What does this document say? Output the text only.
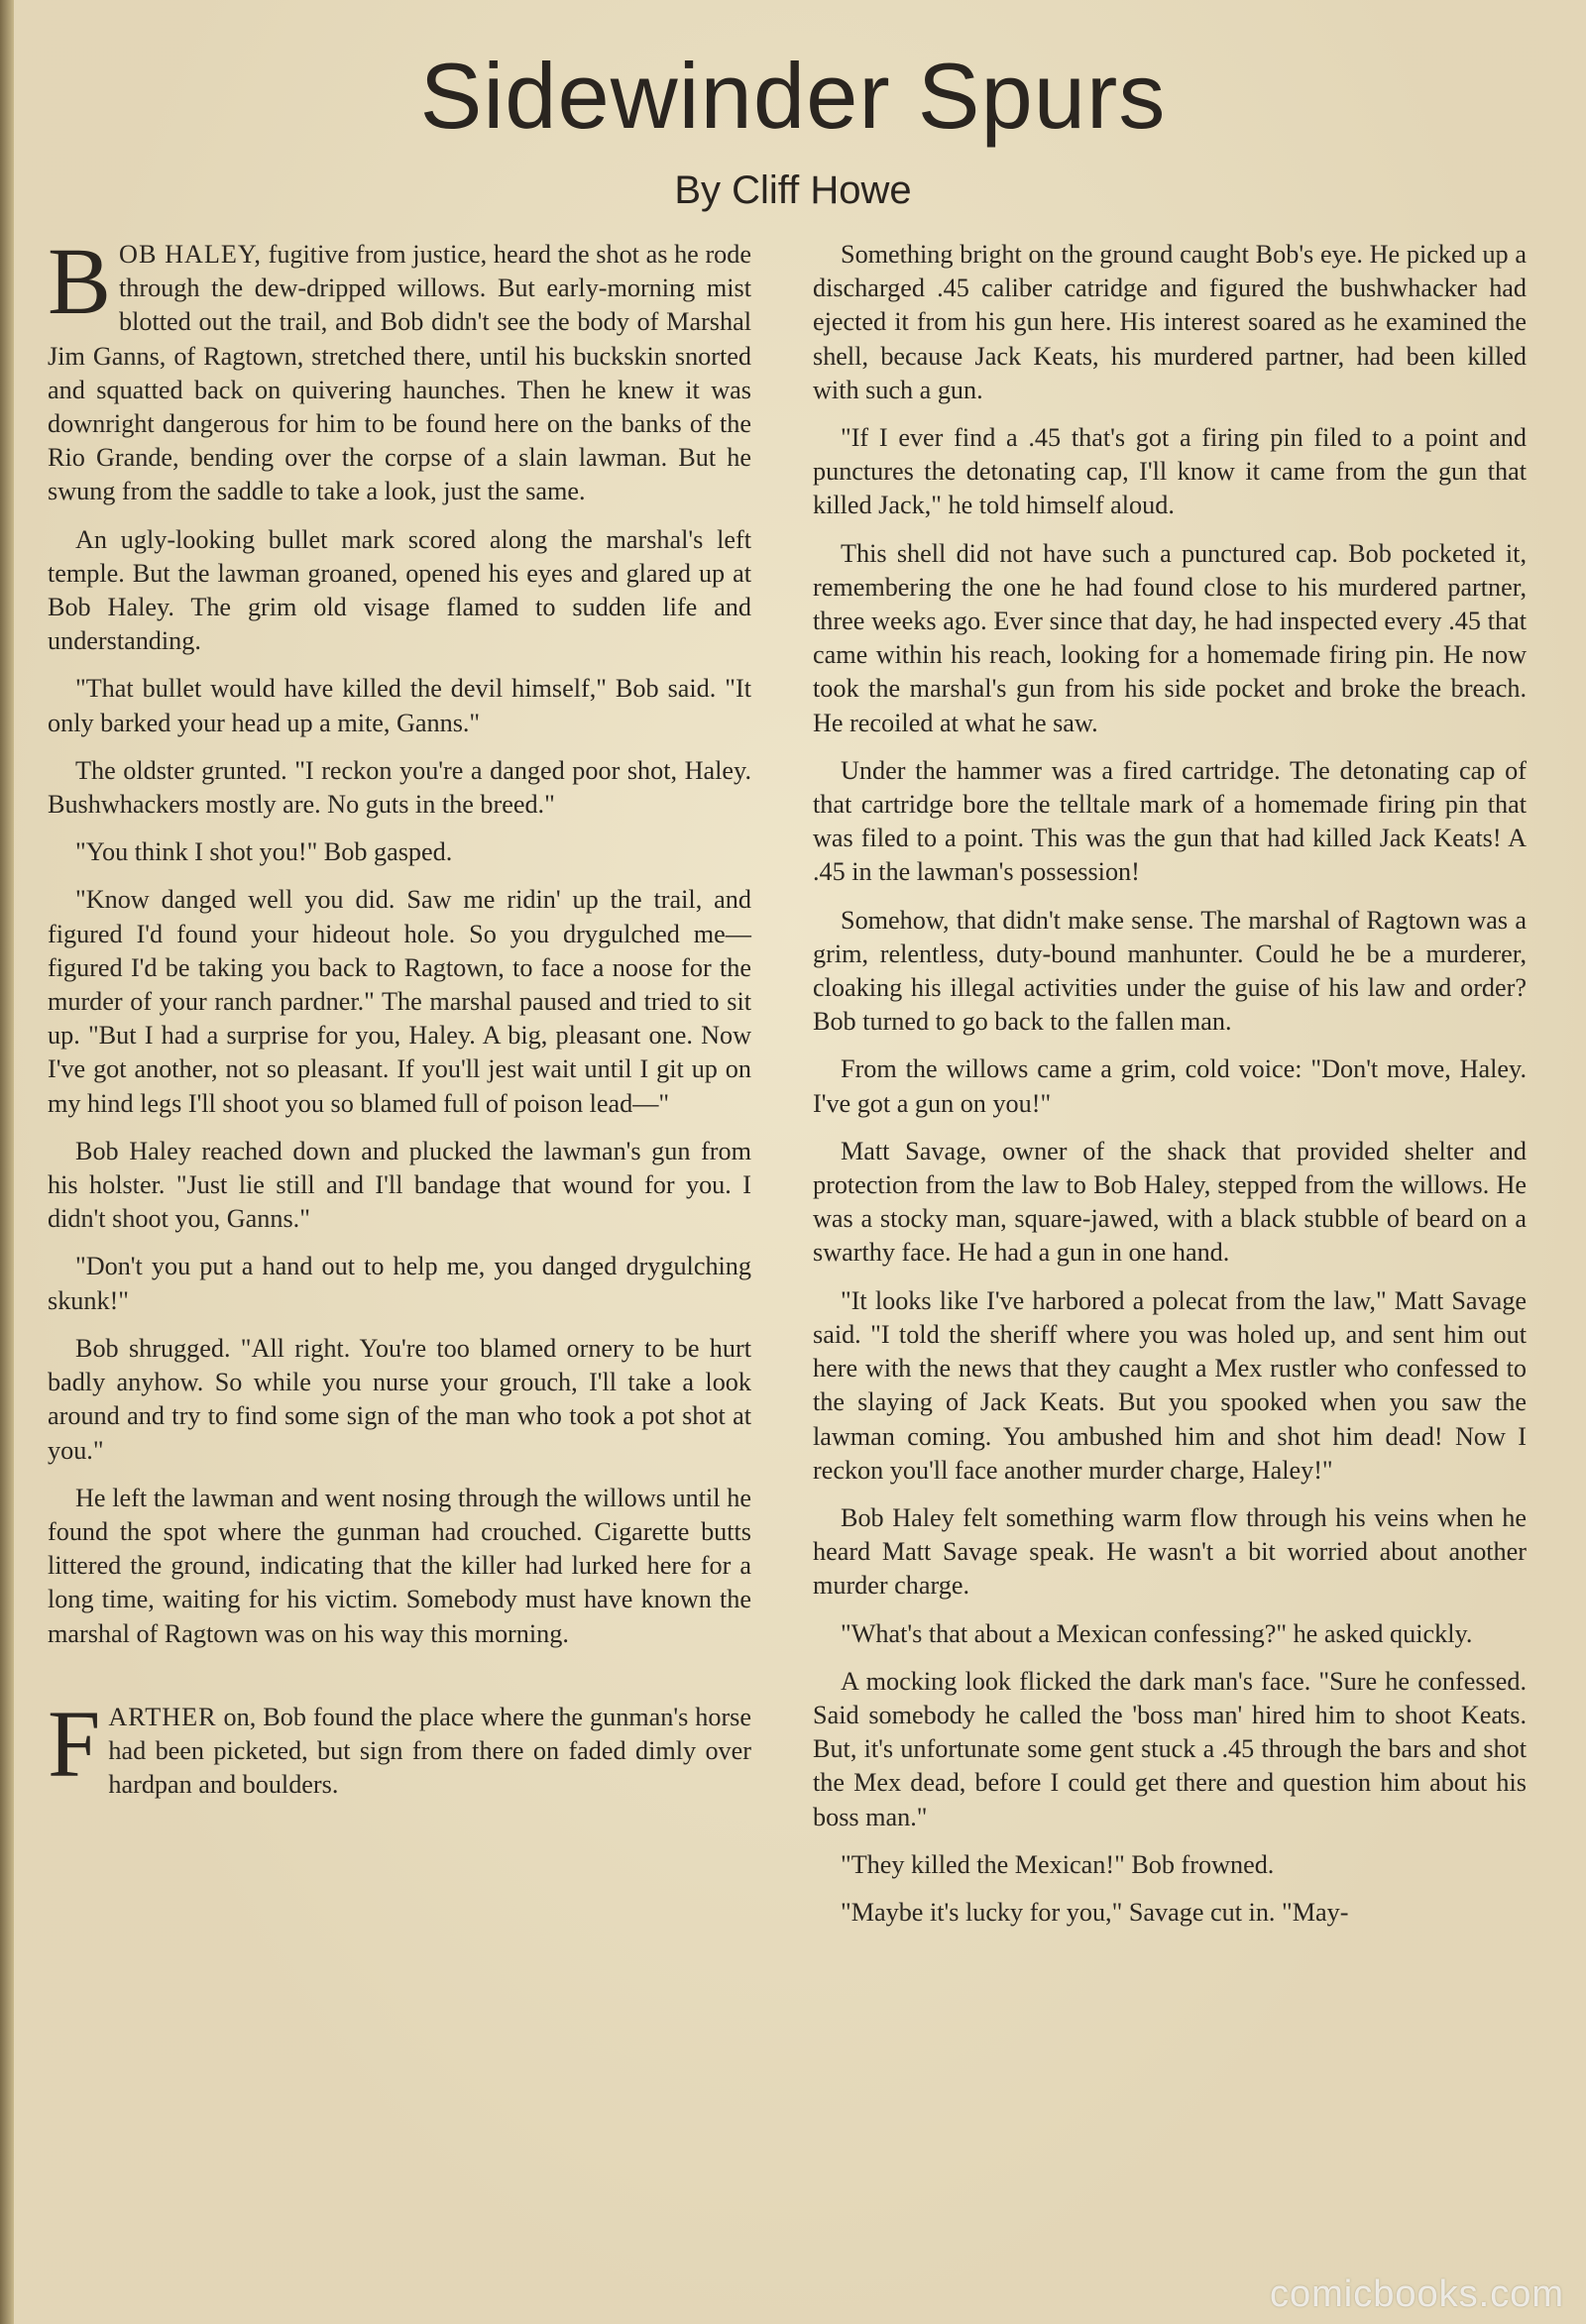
Sidewinder Spurs
By Cliff Howe

BOB HALEY, fugitive from justice, heard the shot as he rode through the dew-dripped willows. But early-morning mist blotted out the trail, and Bob didn't see the body of Marshal Jim Ganns, of Ragtown, stretched there, until his buckskin snorted and squatted back on quivering haunches. Then he knew it was downright dangerous for him to be found here on the banks of the Rio Grande, bending over the corpse of a slain lawman. But he swung from the saddle to take a look, just the same.

An ugly-looking bullet mark scored along the marshal's left temple. But the lawman groaned, opened his eyes and glared up at Bob Haley. The grim old visage flamed to sudden life and understanding.

"That bullet would have killed the devil himself," Bob said. "It only barked your head up a mite, Ganns."

The oldster grunted. "I reckon you're a danged poor shot, Haley. Bushwhackers mostly are. No guts in the breed."

"You think I shot you!" Bob gasped.

"Know danged well you did. Saw me ridin' up the trail, and figured I'd found your hideout hole. So you drygulched me—figured I'd be taking you back to Ragtown, to face a noose for the murder of your ranch pardner." The marshal paused and tried to sit up. "But I had a surprise for you, Haley. A big, pleasant one. Now I've got another, not so pleasant. If you'll jest wait until I git up on my hind legs I'll shoot you so blamed full of poison lead—"

Bob Haley reached down and plucked the lawman's gun from his holster. "Just lie still and I'll bandage that wound for you. I didn't shoot you, Ganns."

"Don't you put a hand out to help me, you danged drygulching skunk!"

Bob shrugged. "All right. You're too blamed ornery to be hurt badly anyhow. So while you nurse your grouch, I'll take a look around and try to find some sign of the man who took a pot shot at you."

He left the lawman and went nosing through the willows until he found the spot where the gunman had crouched. Cigarette butts littered the ground, indicating that the killer had lurked here for a long time, waiting for his victim. Somebody must have known the marshal of Ragtown was on his way this morning.

FARTHER on, Bob found the place where the gunman's horse had been picketed, but sign from there on faded dimly over hardpan and boulders.

Something bright on the ground caught Bob's eye. He picked up a discharged .45 caliber catridge and figured the bushwhacker had ejected it from his gun here. His interest soared as he examined the shell, because Jack Keats, his murdered partner, had been killed with such a gun.

"If I ever find a .45 that's got a firing pin filed to a point and punctures the detonating cap, I'll know it came from the gun that killed Jack," he told himself aloud.

This shell did not have such a punctured cap. Bob pocketed it, remembering the one he had found close to his murdered partner, three weeks ago. Ever since that day, he had inspected every .45 that came within his reach, looking for a homemade firing pin. He now took the marshal's gun from his side pocket and broke the breach. He recoiled at what he saw.

Under the hammer was a fired cartridge. The detonating cap of that cartridge bore the telltale mark of a homemade firing pin that was filed to a point. This was the gun that had killed Jack Keats! A .45 in the lawman's possession!

Somehow, that didn't make sense. The marshal of Ragtown was a grim, relentless, duty-bound manhunter. Could he be a murderer, cloaking his illegal activities under the guise of his law and order? Bob turned to go back to the fallen man.

From the willows came a grim, cold voice: "Don't move, Haley. I've got a gun on you!"

Matt Savage, owner of the shack that provided shelter and protection from the law to Bob Haley, stepped from the willows. He was a stocky man, square-jawed, with a black stubble of beard on a swarthy face. He had a gun in one hand.

"It looks like I've harbored a polecat from the law," Matt Savage said. "I told the sheriff where you was holed up, and sent him out here with the news that they caught a Mex rustler who confessed to the slaying of Jack Keats. But you spooked when you saw the lawman coming. You ambushed him and shot him dead! Now I reckon you'll face another murder charge, Haley!"

Bob Haley felt something warm flow through his veins when he heard Matt Savage speak. He wasn't a bit worried about another murder charge.

"What's that about a Mexican confessing?" he asked quickly.

A mocking look flicked the dark man's face. "Sure he confessed. Said somebody he called the 'boss man' hired him to shoot Keats. But, it's unfortunate some gent stuck a .45 through the bars and shot the Mex dead, before I could get there and question him about his boss man."

"They killed the Mexican!" Bob frowned.

"Maybe it's lucky for you," Savage cut in. "May-

comicbooks.com
